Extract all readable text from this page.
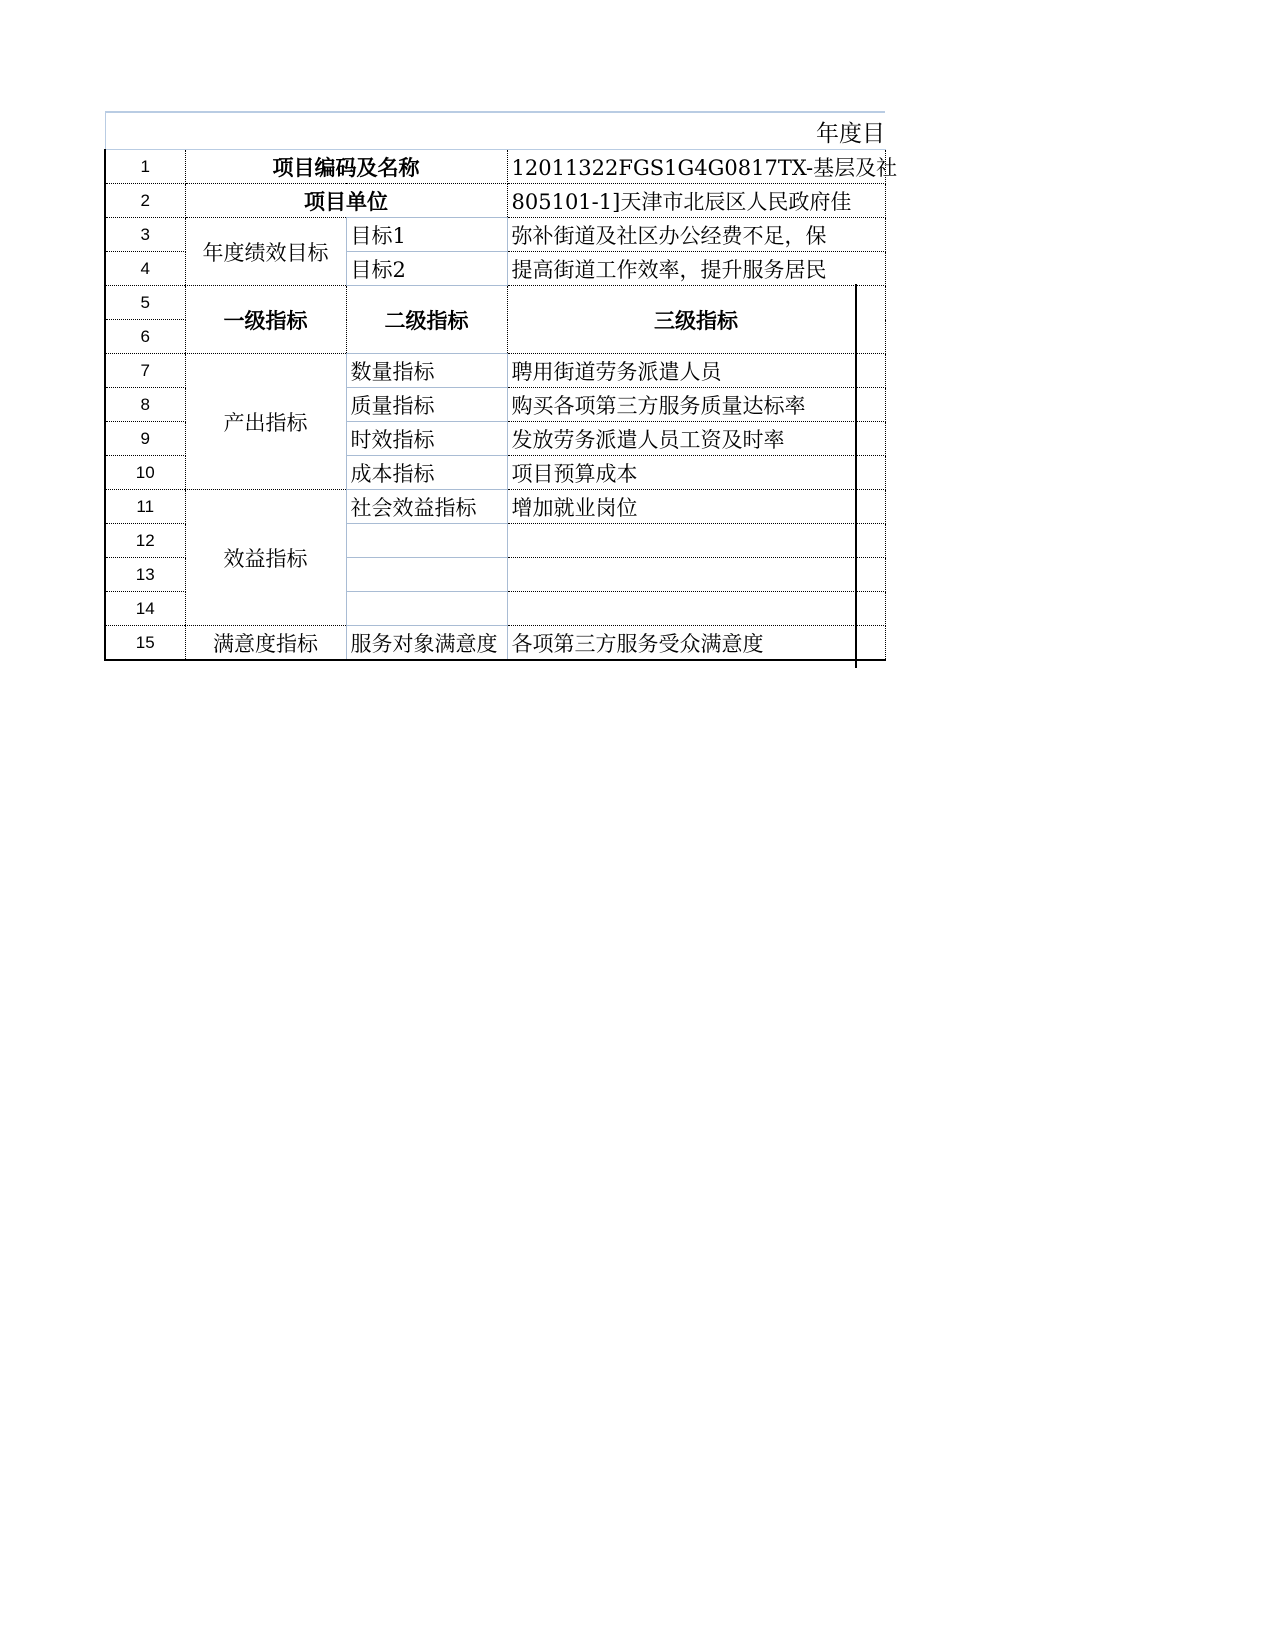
年度目			
1	项目编码及名称		12011322FGS1G4G0817TX-基层及社
2	项目单位		805101-1]天津市北辰区人民政府佳
3	年度绩效目标	目标1	弥补街道及社区办公经费不足，保
4		目标2	提高街道工作效率，提升服务居民
5	一级指标	二级指标	三级指标
6			
7	产出指标	数量指标	聘用街道劳务派遣人员
8		质量指标	购买各项第三方服务质量达标率
9		时效指标	发放劳务派遣人员工资及时率
10		成本指标	项目预算成本
11	效益指标	社会效益指标	增加就业岗位
12			
13			
14			
15	满意度指标	服务对象满意度	各项第三方服务受众满意度
